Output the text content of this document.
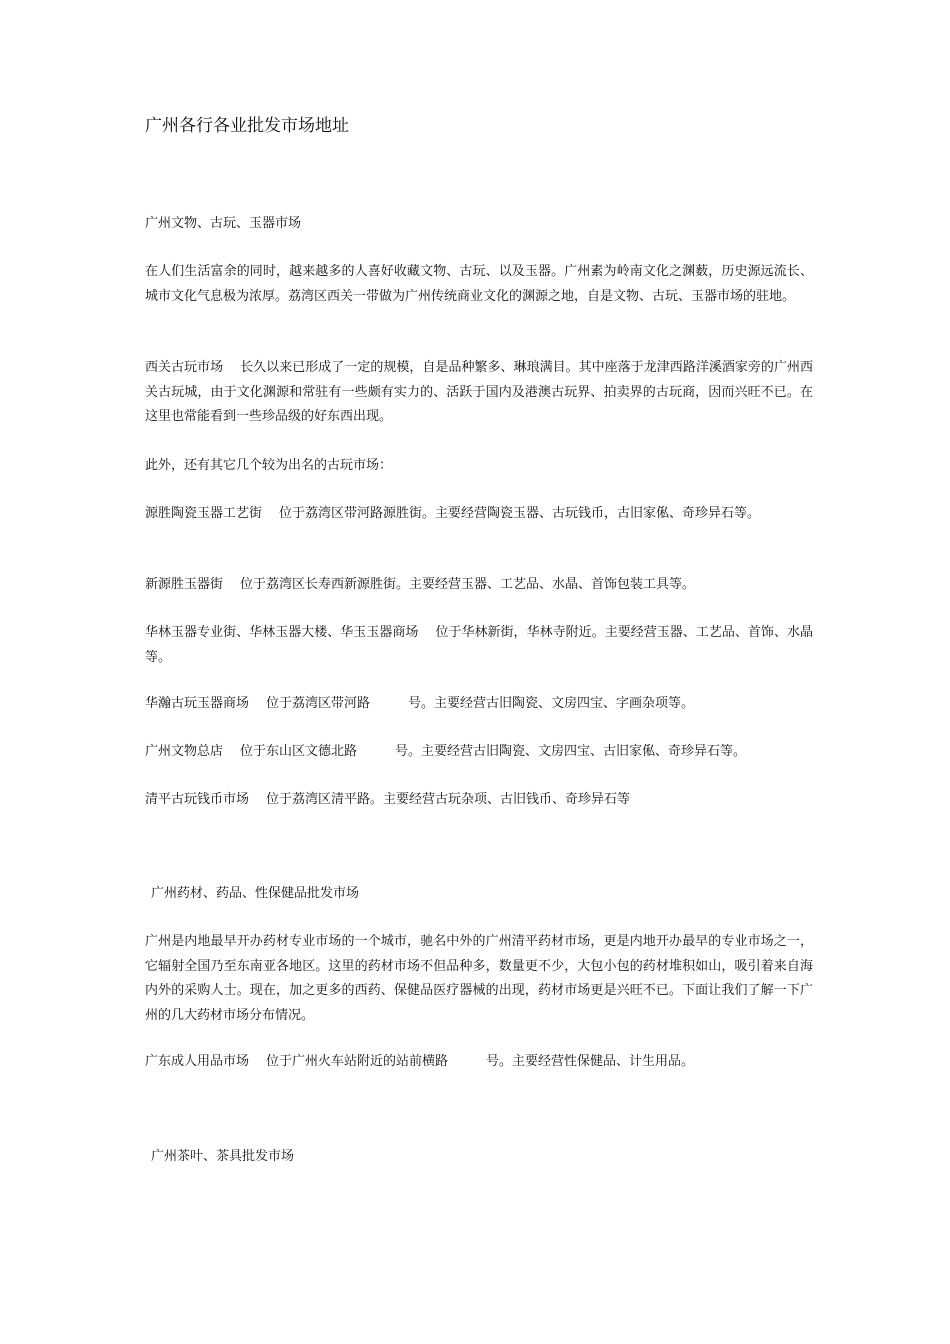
广州各行各业批发市场地址

广州文物、古玩、玉器市场

在人们生活富余的同时，越来越多的人喜好收藏文物、古玩、以及玉器。广州素为岭南文化之渊薮，历史源远流长、城市文化气息极为浓厚。荔湾区西关一带做为广州传统商业文化的渊源之地，自是文物、古玩、玉器市场的驻地。

西关古玩市场 长久以来已形成了一定的规模，自是品种繁多、琳琅满目。其中座落于龙津西路洋溪酒家旁的广州西关古玩城，由于文化渊源和常驻有一些颇有实力的、活跃于国内及港澳古玩界、拍卖界的古玩商，因而兴旺不已。在这里也常能看到一些珍品级的好东西出现。

此外，还有其它几个较为出名的古玩市场：

源胜陶瓷玉器工艺街 位于荔湾区带河路源胜街。主要经营陶瓷玉器、古玩钱币，古旧家俬、奇珍异石等。

新源胜玉器街 位于荔湾区长寿西新源胜街。主要经营玉器、工艺品、水晶、首饰包装工具等。

华林玉器专业街、华林玉器大楼、华玉玉器商场 位于华林新街，华林寺附近。主要经营玉器、工艺品、首饰、水晶等。

华瀚古玩玉器商场 位于荔湾区带河路	号。主要经营古旧陶瓷、文房四宝、字画杂项等。

广州文物总店 位于东山区文德北路	号。主要经营古旧陶瓷、文房四宝、古旧家俬、奇珍异石等。

清平古玩钱币市场 位于荔湾区清平路。主要经营古玩杂项、古旧钱币、奇珍异石等

广州药材、药品、性保健品批发市场

广州是内地最早开办药材专业市场的一个城市，驰名中外的广州清平药材市场，更是内地开办最早的专业市场之一，它辐射全国乃至东南亚各地区。这里的药材市场不但品种多，数量更不少，大包小包的药材堆积如山，吸引着来自海内外的采购人士。现在，加之更多的西药、保健品医疗器械的出现，药材市场更是兴旺不已。下面让我们了解一下广州的几大药材市场分布情况。

广东成人用品市场 位于广州火车站附近的站前横路	号。主要经营性保健品、计生用品。

广州茶叶、茶具批发市场
